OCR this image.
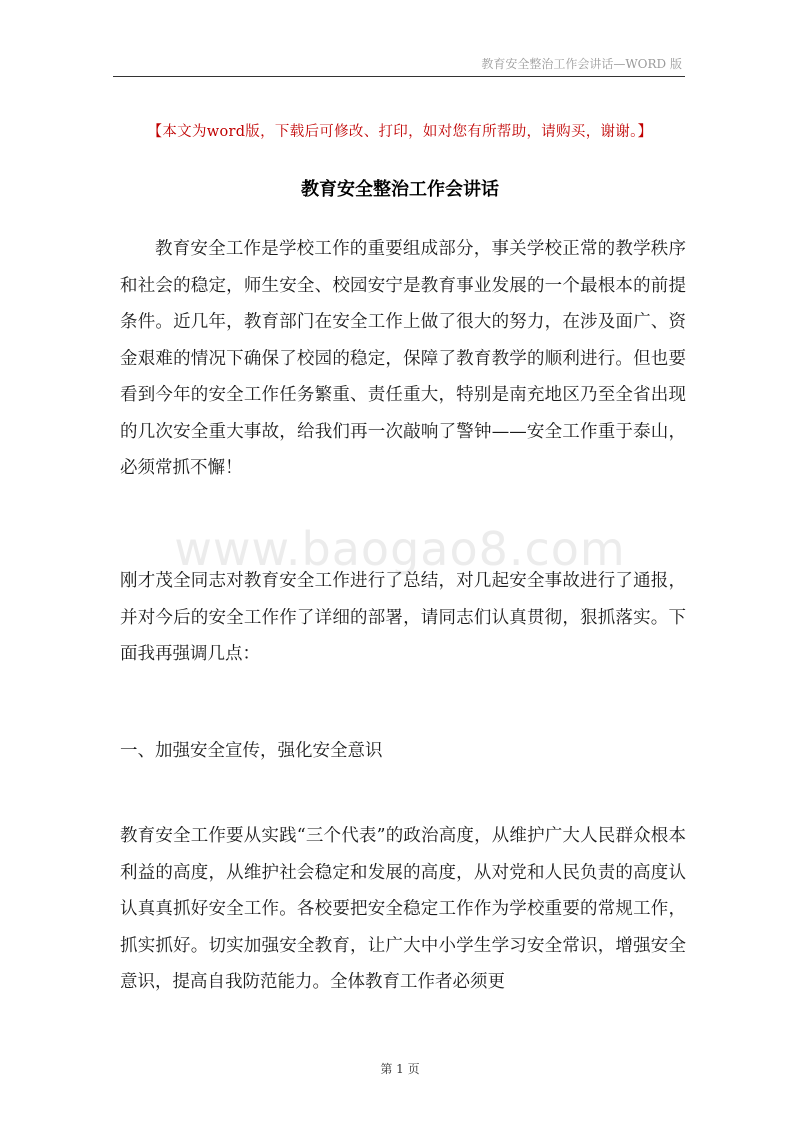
教育安全整治工作会讲话—WORD 版
【本文为word版，下载后可修改、打印，如对您有所帮助，请购买，谢谢。】
教育安全整治工作会讲话
www.baogao8.com

教育安全工作是学校工作的重要组成部分，事关学校正常的教学秩序和社会的稳定，师生安全、校园安宁是教育事业发展的一个最根本的前提条件。近几年，教育部门在安全工作上做了很大的努力，在涉及面广、资金艰难的情况下确保了校园的稳定，保障了教育教学的顺利进行。但也要看到今年的安全工作任务繁重、责任重大，特别是南充地区乃至全省出现的几次安全重大事故，给我们再一次敲响了警钟——安全工作重于泰山，必须常抓不懈！

刚才茂全同志对教育安全工作进行了总结，对几起安全事故进行了通报，并对今后的安全工作作了详细的部署，请同志们认真贯彻，狠抓落实。下面我再强调几点：

一、加强安全宣传，强化安全意识

教育安全工作要从实践“三个代表”的政治高度，从维护广大人民群众根本利益的高度，从维护社会稳定和发展的高度，从对党和人民负责的高度认认真真抓好安全工作。各校要把安全稳定工作作为学校重要的常规工作，抓实抓好。切实加强安全教育，让广大中小学生学习安全常识，增强安全意识，提高自我防范能力。全体教育工作者必须更

第 1 页
